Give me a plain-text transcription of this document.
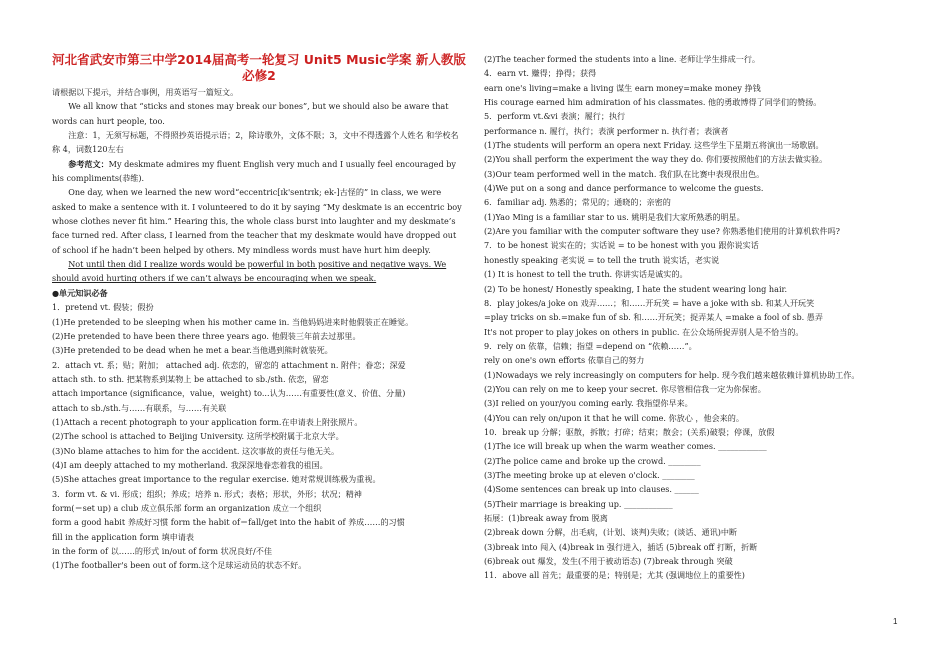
河北省武安市第三中学2014届高考一轮复习 Unit5 Music学案 新人教版必修2
请根据以下提示，并结合事例，用英语写一篇短文。
We all know that “sticks and stones may break our bones”, but we should also be aware that words can hurt people, too.
注意：1，无须写标题，不得照抄英语提示语；2，除诗歌外，文体不限；3，文中不得透露个人姓名 和学校名称 4，词数120左右
参考范文：My deskmate admires my fluent English very much and I usually feel encouraged by his compliments(恭维).
One day, when we learned the new word“eccentric[ɪk'sentrɪk; ek-]古怪的” in class, we were asked to make a sentence with it. I volunteered to do it by saying “My deskmate is an eccentric boy whose clothes never fit him.” Hearing this, the whole class burst into laughter and my deskmate’s face turned red. After class, I learned from the teacher that my deskmate would have dropped out of school if he hadn’t been helped by others. My mindless words must have hurt him deeply.
Not until then did I realize words would be powerful in both positive and negative ways. We should avoid hurting others if we can’t always be encouraging when we speak.
●单元知识必备
1．pretend vt. 假装；假扮
(1)He pretended to be sleeping when his mother came in. 当他妈妈进来时他假装正在睡觉。
(2)He pretended to have been there three years ago. 他假装三年前去过那里。
(3)He pretended to be dead when he met a bear.当他遇到熊时就装死。
2．attach vt. 系；贴；附加； attached adj. 依恋的，留恋的 attachment n. 附件；眷恋；深爱
attach sth. to sth. 把某物系到某物上 be attached to sb./sth. 依恋，留恋
attach importance (significance，value，weight) to...认为……有重要性(意义、价值、分量)
attach to sb./sth.与……有联系，与……有关联
(1)Attach a recent photograph to your application form.在申请表上附张照片。
(2)The school is attached to Beijing University. 这所学校附属于北京大学。
(3)No blame attaches to him for the accident. 这次事故的责任与他无关。
(4)I am deeply attached to my motherland. 我深深地眷恋着我的祖国。
(5)She attaches great importance to the regular exercise. 她对常规训练极为重视。
3．form vt. & vi. 形成；组织；养成；培养 n. 形式；表格；形状，外形；状况；精神
form(＝set up) a club 成立俱乐部 form an organization 成立一个组织
form a good habit 养成好习惯 form the habit of＝fall/get into the habit of 养成……的习惯
fill in the application form 填申请表
in the form of 以……的形式 in/out of form 状况良好/不佳
(1)The footballer's been out of form.这个足球运动员的状态不好。
(2)The teacher formed the students into a line. 老师让学生排成一行。
4．earn vt. 赚得；挣得；获得
earn one's living=make a living 谋生 earn money=make money 挣钱
His courage earned him admiration of his classmates. 他的勇敢博得了同学们的赞扬。
5．perform vt.&vi 表演；履行；执行
performance n. 履行，执行；表演 performer n. 执行者；表演者
(1)The students will perform an opera next Friday. 这些学生下星期五将演出一场歌剧。
(2)You shall perform the experiment the way they do. 你们要按照他们的方法去做实验。
(3)Our team performed well in the match. 我们队在比赛中表现很出色。
(4)We put on a song and dance performance to welcome the guests.
6．familiar adj. 熟悉的；常见的；通晓的；亲密的
(1)Yao Ming is a familiar star to us. 姚明是我们大家所熟悉的明星。
(2)Are you familiar with the computer software they use? 你熟悉他们使用的计算机软件吗?
7．to be honest 说实在的；实话说 = to be honest with you 跟你说实话
honestly speaking 老实说 = to tell the truth 说实话，老实说
(1) It is honest to tell the truth. 你讲实话是诚实的。
(2) To be honest/ Honestly speaking, I hate the student wearing long hair.
8．play jokes/a joke on 戏弄……；和……开玩笑 = have a joke with sb. 和某人开玩笑
=play tricks on sb.=make fun of sb. 和……开玩笑；捉弄某人 =make a fool of sb. 愚弄
It's not proper to play jokes on others in public. 在公众场所捉弄别人是不恰当的。
9．rely on 依靠，信赖；指望 =depend on “依赖……”。
rely on one's own efforts 依靠自己的努力
(1)Nowadays we rely increasingly on computers for help. 现今我们越来越依赖计算机协助工作。
(2)You can rely on me to keep your secret. 你尽管相信我一定为你保密。
(3)I relied on your/you coming early. 我指望你早来。
(4)You can rely on/upon it that he will come. 你放心 ，他会来的。
10．break up 分解；驱散，拆散；打碎；结束；散会；(关系)破裂；停课，放假
(1)The ice will break up when the warm weather comes. ____________
(2)The police came and broke up the crowd. ________
(3)The meeting broke up at eleven o'clock. ________
(4)Some sentences can break up into clauses. ______
(5)Their marriage is breaking up. ____________
拓展：(1)break away from 脱离
(2)break down 分解，出毛病，(计划、谈判)失败；(谈话、通讯)中断
(3)break into 闯入 (4)break in 强行进入，插话 (5)break off 打断，折断
(6)break out 爆发，发生(不用于被动语态) (7)break through 突破
11．above all 首先；最重要的是；特别是；尤其 (强调地位上的重要性)
1
